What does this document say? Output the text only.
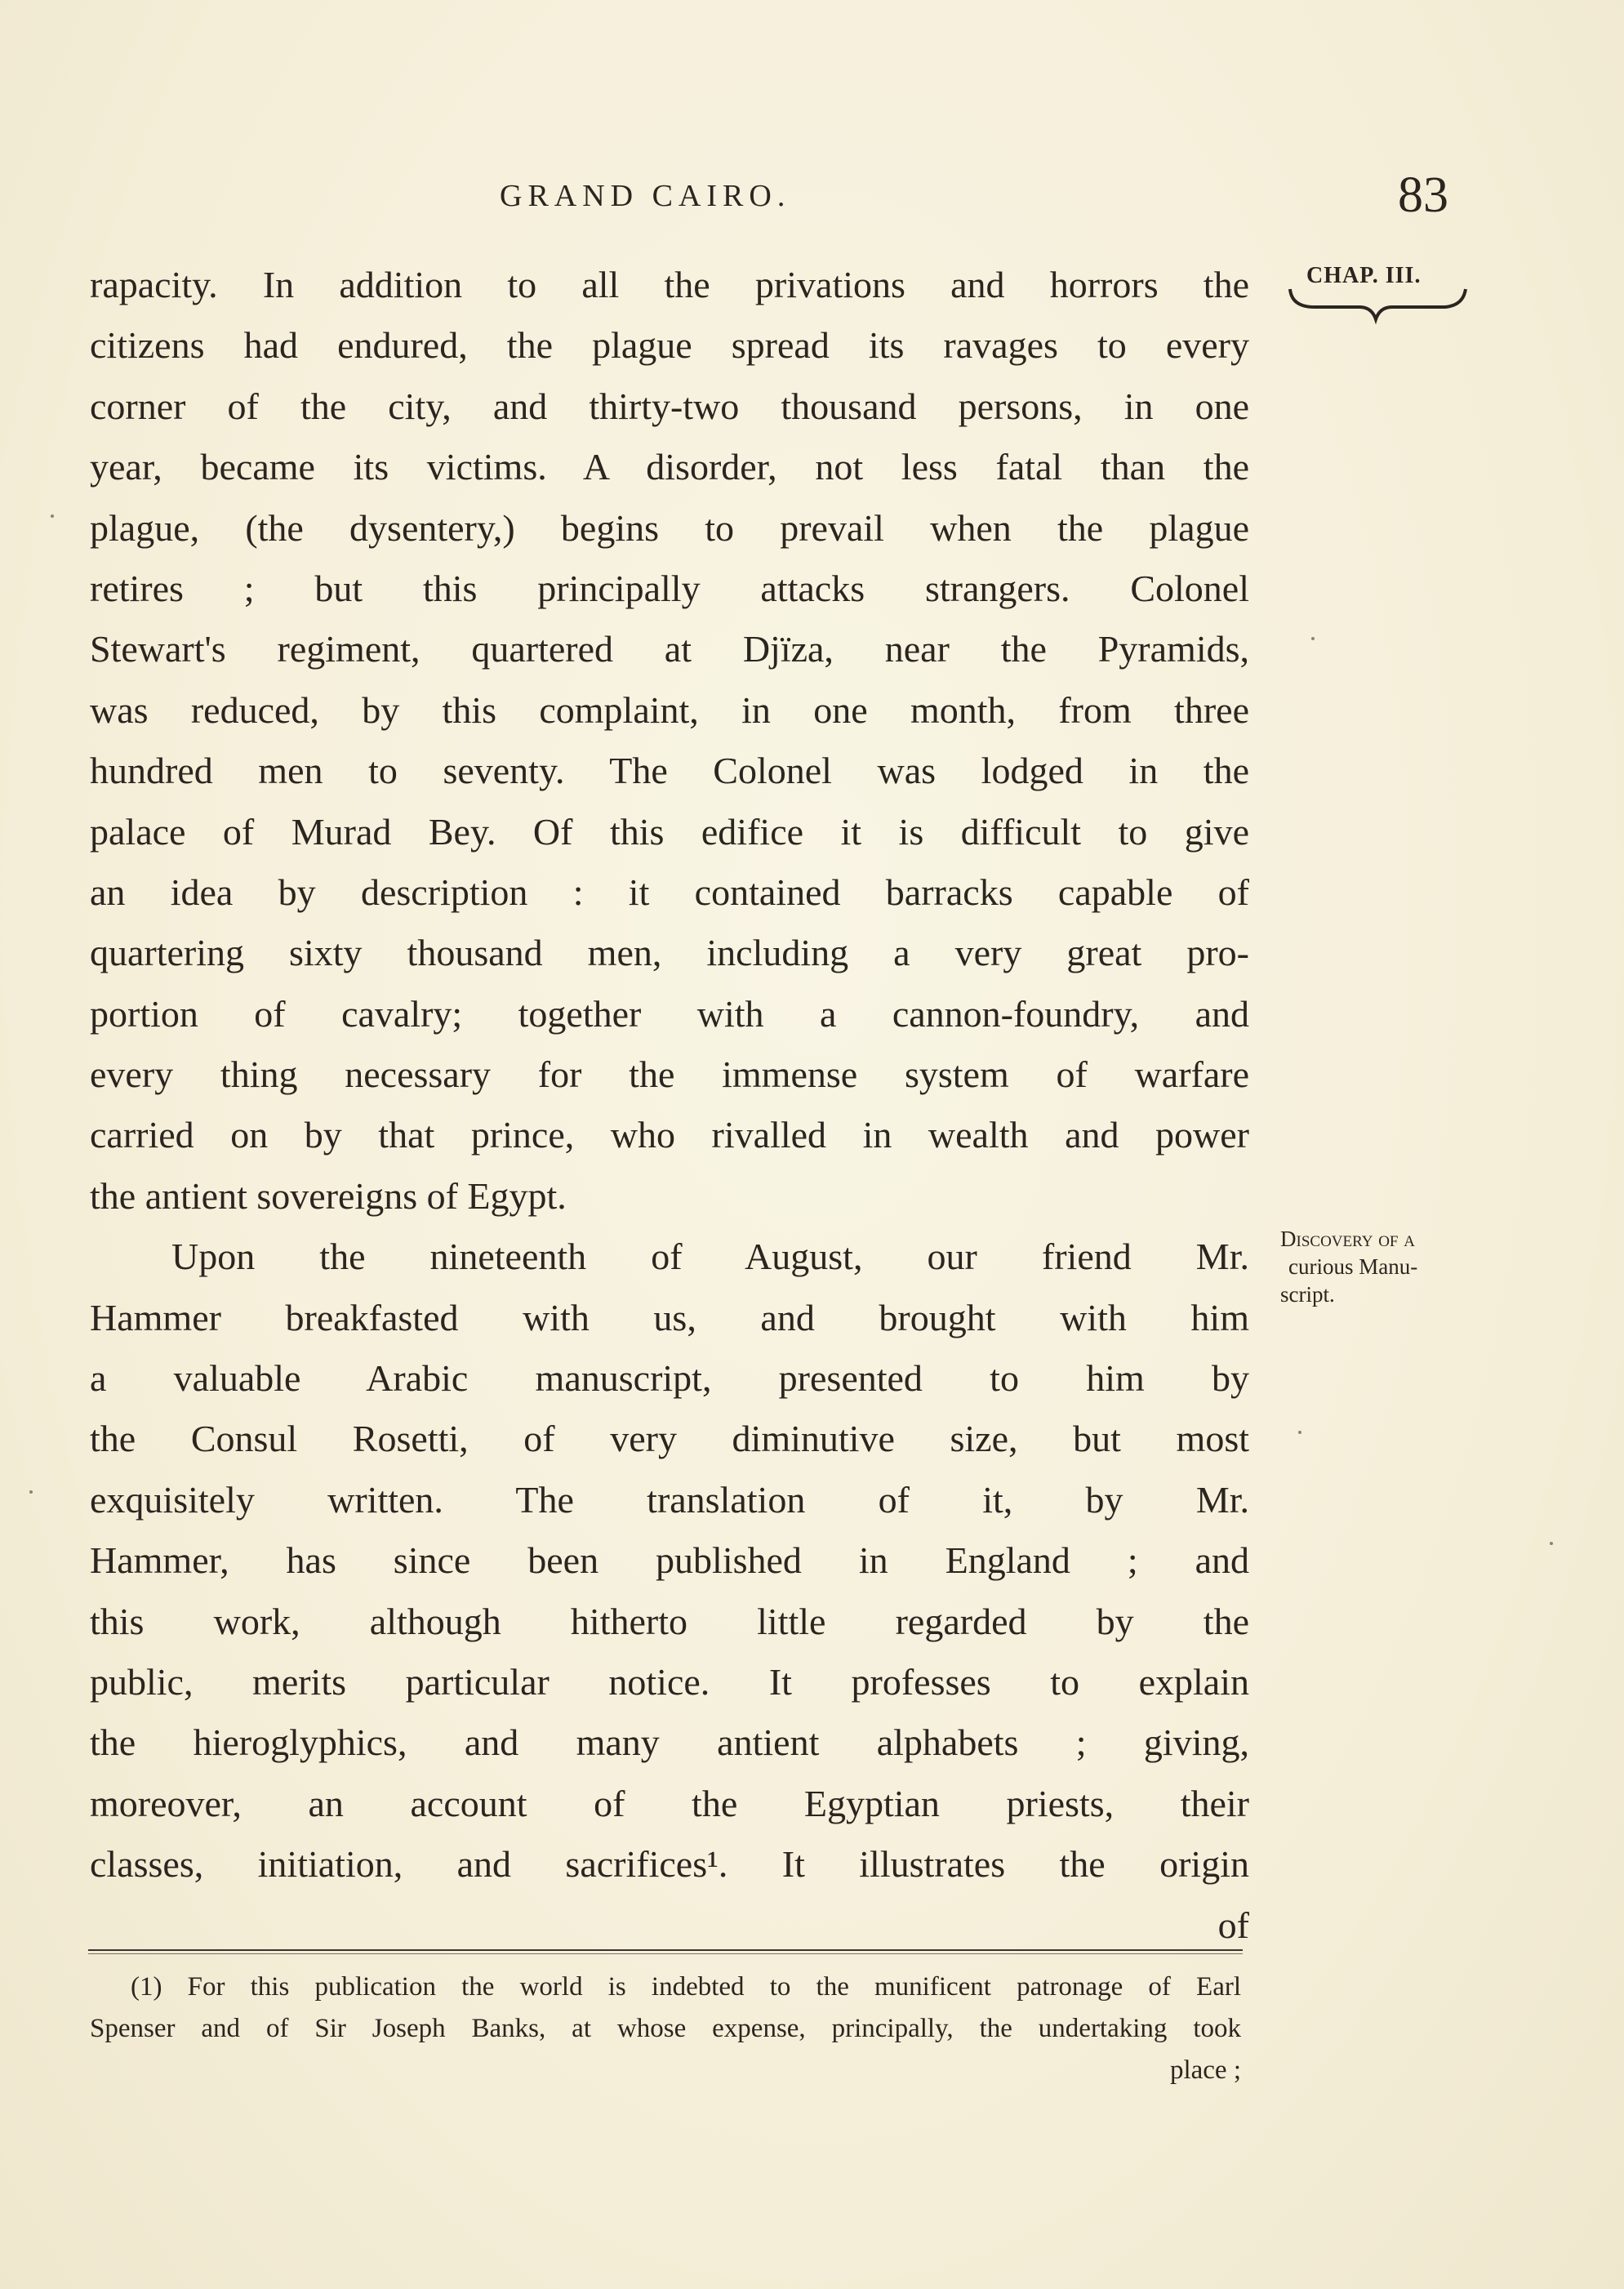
GRAND CAIRO.	83
CHAP. III.
rapacity. In addition to all the privations and horrors the
citizens had endured, the plague spread its ravages to every
corner of the city, and thirty-two thousand persons, in one
year, became its victims. A disorder, not less fatal than the
plague, (the dysentery,) begins to prevail when the plague
retires ; but this principally attacks strangers. Colonel
Stewart's regiment, quartered at Djïza, near the Pyramids,
was reduced, by this complaint, in one month, from three
hundred men to seventy. The Colonel was lodged in the
palace of Murad Bey. Of this edifice it is difficult to give
an idea by description : it contained barracks capable of
quartering sixty thousand men, including a very great pro-
portion of cavalry; together with a cannon-foundry, and
every thing necessary for the immense system of warfare
carried on by that prince, who rivalled in wealth and power
the antient sovereigns of Egypt.
Upon the nineteenth of August, our friend Mr.
Hammer breakfasted with us, and brought with him
a valuable Arabic manuscript, presented to him by
the Consul Rosetti, of very diminutive size, but most
exquisitely written. The translation of it, by Mr.
Hammer, has since been published in England ; and
this work, although hitherto little regarded by the
public, merits particular notice. It professes to explain
the hieroglyphics, and many antient alphabets ; giving,
moreover, an account of the Egyptian priests, their
classes, initiation, and sacrifices¹. It illustrates the origin
of
Discovery of a
curious Manu-
script.
(1) For this publication the world is indebted to the munificent patronage of Earl
Spenser and of Sir Joseph Banks, at whose expense, principally, the undertaking took
place ;
